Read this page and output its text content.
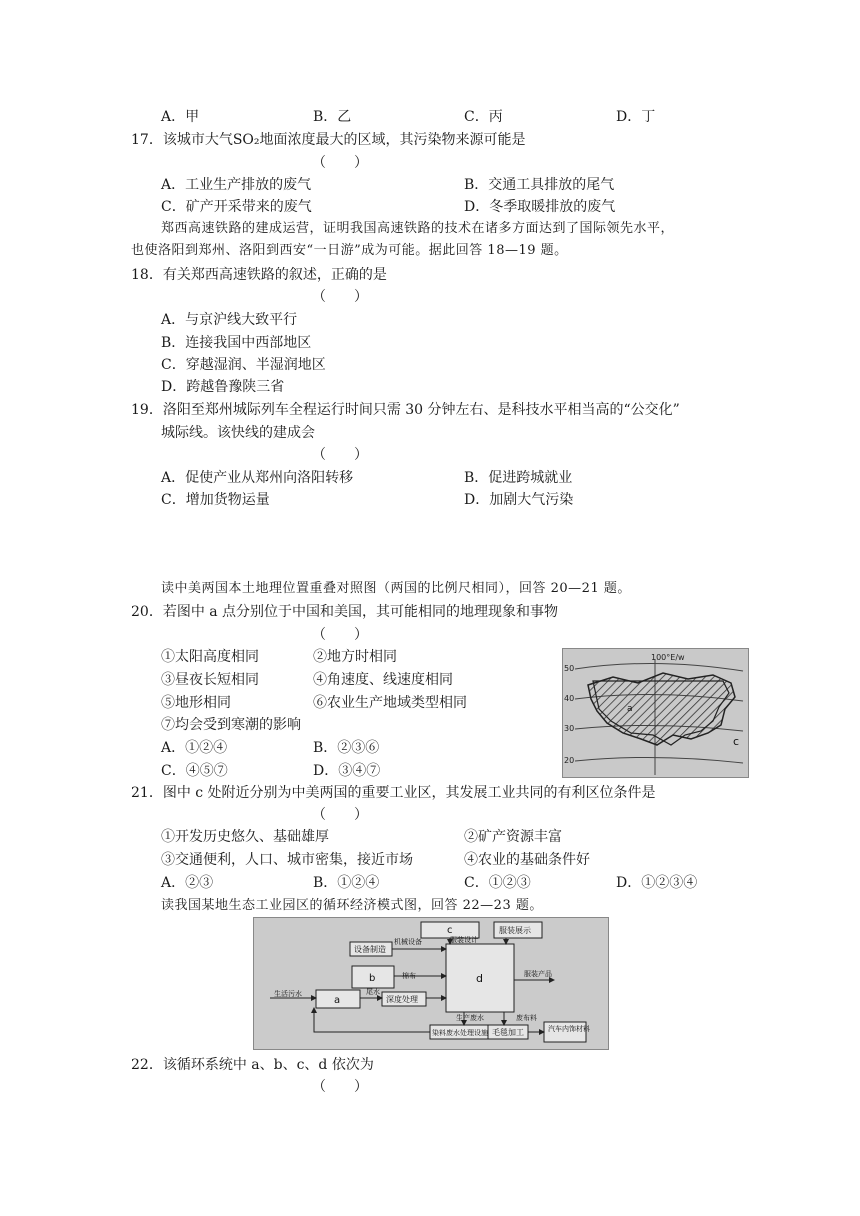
A．甲	B．乙	C．丙	D．丁
17．该城市大气SO₂地面浓度最大的区域，其污染物来源可能是
（　　）
A．工业生产排放的废气	B．交通工具排放的尾气
C．矿产开采带来的废气	D．冬季取暖排放的废气
郑西高速铁路的建成运营，证明我国高速铁路的技术在诸多方面达到了国际领先水平，
也使洛阳到郑州、洛阳到西安“一日游”成为可能。据此回答 18—19 题。
18．有关郑西高速铁路的叙述，正确的是
（　　）
A．与京沪线大致平行
B．连接我国中西部地区
C．穿越湿润、半湿润地区
D．跨越鲁豫陕三省
19．洛阳至郑州城际列车全程运行时间只需 30 分钟左右、是科技水平相当高的“公交化”
城际线。该快线的建成会
（　　）
A．促使产业从郑州向洛阳转移	B．促进跨城就业
C．增加货物运量	D．加剧大气污染
读中美两国本土地理位置重叠对照图（两国的比例尺相同），回答 20—21 题。
20．若图中 a 点分别位于中国和美国，其可能相同的地理现象和事物
（　　）
①太阳高度相同	②地方时相同
③昼夜长短相同	④角速度、线速度相同
⑤地形相同	⑥农业生产地域类型相同
⑦均会受到寒潮的影响
A．①②④	B．②③⑥
C．④⑤⑦	D．③④⑦
100°E/w
50
40
30
20
a
c
21．图中 c 处附近分别为中美两国的重要工业区，其发展工业共同的有利区位条件是
（　　）
①开发历史悠久、基础雄厚	②矿产资源丰富
③交通便利，人口、城市密集，接近市场	④农业的基础条件好
A．②③	B．①②④	C．①②③	D．①②③④
读我国某地生态工业园区的循环经济模式图，回答 22—23 题。
c	服装展示
设备制造
b
a	深度处理
d
染料废水处理设施 毛毯加工	汽车内饰材料
机械设备	服装设计
棉布
生活污水	尾水
生产废水	废布料
服装产品
22．该循环系统中 a、b、c、d 依次为
（　　）
